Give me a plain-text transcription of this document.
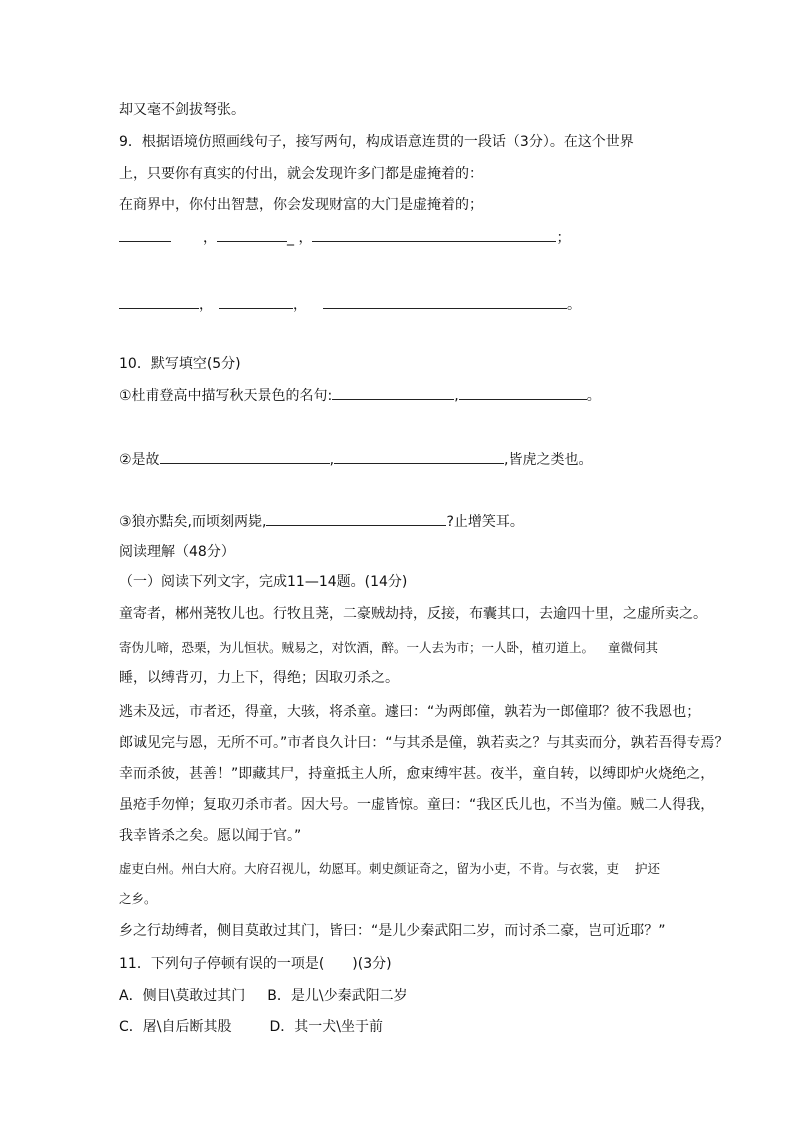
却又毫不剑拔弩张。
9．根据语境仿照画线句子，接写两句，构成语意连贯的一段话（3分）。在这个世界
上，只要你有真实的付出，就会发现许多门都是虚掩着的：
在商界中，你付出智慧，你会发现财富的大门是虚掩着的；
，	_ ，	；
，	，	。
10．默写填空(5分)
①杜甫登高中描写秋天景色的名句:	,	。
②是故	,	,皆虎之类也。
③狼亦黠矣,而顷刻两毙,	?止增笑耳。
阅读理解（48分）
（一）阅读下列文字，完成11—14题。(14分)
童寄者，郴州荛牧儿也。行牧且荛，二豪贼劫持，反接，布囊其口，去逾四十里，之虚所卖之。
寄伪儿啼，恐栗，为儿恒状。贼易之，对饮酒，醉。一人去为市；一人卧，植刃道上。 童微伺其
睡，以缚背刃，力上下，得绝；因取刃杀之。
逃未及远，市者还，得童，大骇，将杀童。遽曰：“为两郎僮，孰若为一郎僮耶？彼不我恩也；
郎诚见完与恩，无所不可。”市者良久计曰：“与其杀是僮，孰若卖之？与其卖而分，孰若吾得专焉？
幸而杀彼，甚善！”即藏其尸，持童抵主人所，愈束缚牢甚。夜半，童自转，以缚即炉火烧绝之，
虽疮手勿惮；复取刃杀市者。因大号。一虚皆惊。童曰：“我区氏儿也，不当为僮。贼二人得我，
我幸皆杀之矣。愿以闻于官。”
虚吏白州。州白大府。大府召视儿，幼愿耳。刺史颜证奇之，留为小吏，不肯。与衣裳，吏 护还
之乡。
乡之行劫缚者，侧目莫敢过其门，皆曰：“是儿少秦武阳二岁，而讨杀二豪，岂可近耶？”
11．下列句子停顿有误的一项是(　　)(3分)
A．侧目\莫敢过其门 B．是儿\少秦武阳二岁
C．屠\自后断其股	D．其一犬\坐于前
